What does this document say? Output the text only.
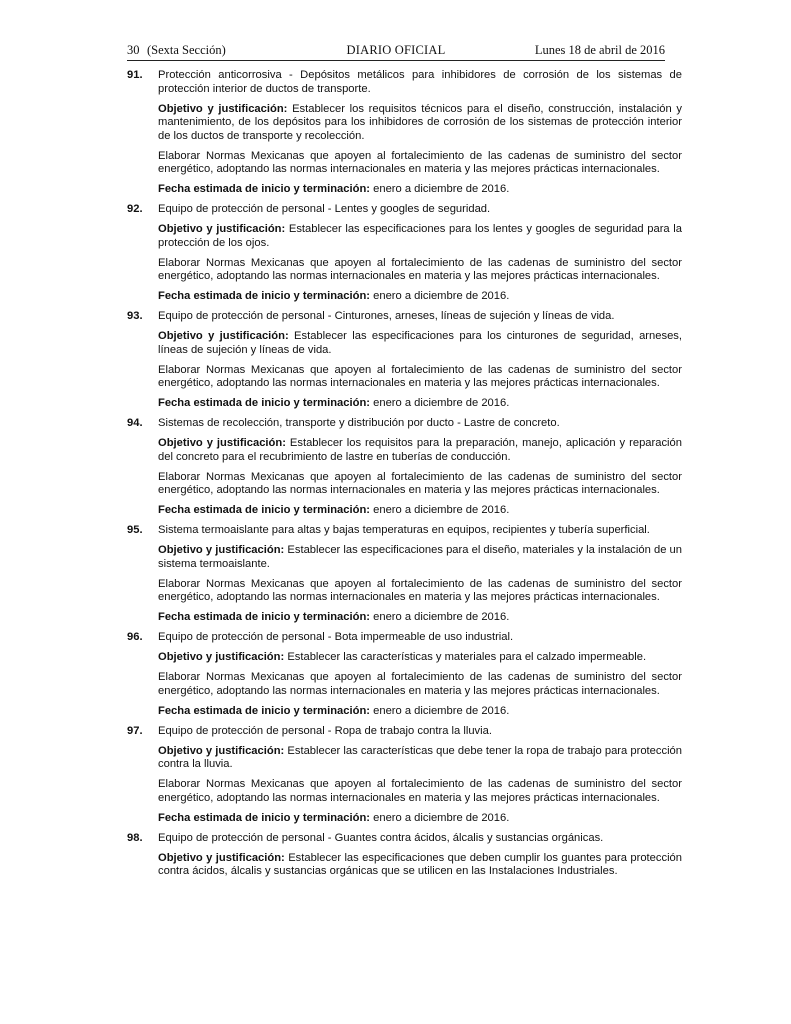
30 (Sexta Sección)	DIARIO OFICIAL	Lunes 18 de abril de 2016
91. Protección anticorrosiva - Depósitos metálicos para inhibidores de corrosión de los sistemas de protección interior de ductos de transporte.

Objetivo y justificación: Establecer los requisitos técnicos para el diseño, construcción, instalación y mantenimiento, de los depósitos para los inhibidores de corrosión de los sistemas de protección interior de los ductos de transporte y recolección.

Elaborar Normas Mexicanas que apoyen al fortalecimiento de las cadenas de suministro del sector energético, adoptando las normas internacionales en materia y las mejores prácticas internacionales.

Fecha estimada de inicio y terminación: enero a diciembre de 2016.

92. Equipo de protección de personal - Lentes y googles de seguridad.

Objetivo y justificación: Establecer las especificaciones para los lentes y googles de seguridad para la protección de los ojos.

Elaborar Normas Mexicanas que apoyen al fortalecimiento de las cadenas de suministro del sector energético, adoptando las normas internacionales en materia y las mejores prácticas internacionales.

Fecha estimada de inicio y terminación: enero a diciembre de 2016.

93. Equipo de protección de personal - Cinturones, arneses, líneas de sujeción y líneas de vida.

Objetivo y justificación: Establecer las especificaciones para los cinturones de seguridad, arneses, líneas de sujeción y líneas de vida.

Elaborar Normas Mexicanas que apoyen al fortalecimiento de las cadenas de suministro del sector energético, adoptando las normas internacionales en materia y las mejores prácticas internacionales.

Fecha estimada de inicio y terminación: enero a diciembre de 2016.

94. Sistemas de recolección, transporte y distribución por ducto - Lastre de concreto.

Objetivo y justificación: Establecer los requisitos para la preparación, manejo, aplicación y reparación del concreto para el recubrimiento de lastre en tuberías de conducción.

Elaborar Normas Mexicanas que apoyen al fortalecimiento de las cadenas de suministro del sector energético, adoptando las normas internacionales en materia y las mejores prácticas internacionales.

Fecha estimada de inicio y terminación: enero a diciembre de 2016.

95. Sistema termoaislante para altas y bajas temperaturas en equipos, recipientes y tubería superficial.

Objetivo y justificación: Establecer las especificaciones para el diseño, materiales y la instalación de un sistema termoaislante.

Elaborar Normas Mexicanas que apoyen al fortalecimiento de las cadenas de suministro del sector energético, adoptando las normas internacionales en materia y las mejores prácticas internacionales.

Fecha estimada de inicio y terminación: enero a diciembre de 2016.

96. Equipo de protección de personal - Bota impermeable de uso industrial.

Objetivo y justificación: Establecer las características y materiales para el calzado impermeable.

Elaborar Normas Mexicanas que apoyen al fortalecimiento de las cadenas de suministro del sector energético, adoptando las normas internacionales en materia y las mejores prácticas internacionales.

Fecha estimada de inicio y terminación: enero a diciembre de 2016.

97. Equipo de protección de personal - Ropa de trabajo contra la lluvia.

Objetivo y justificación: Establecer las características que debe tener la ropa de trabajo para protección contra la lluvia.

Elaborar Normas Mexicanas que apoyen al fortalecimiento de las cadenas de suministro del sector energético, adoptando las normas internacionales en materia y las mejores prácticas internacionales.

Fecha estimada de inicio y terminación: enero a diciembre de 2016.

98. Equipo de protección de personal - Guantes contra ácidos, álcalis y sustancias orgánicas.

Objetivo y justificación: Establecer las especificaciones que deben cumplir los guantes para protección contra ácidos, álcalis y sustancias orgánicas que se utilicen en las Instalaciones Industriales.
